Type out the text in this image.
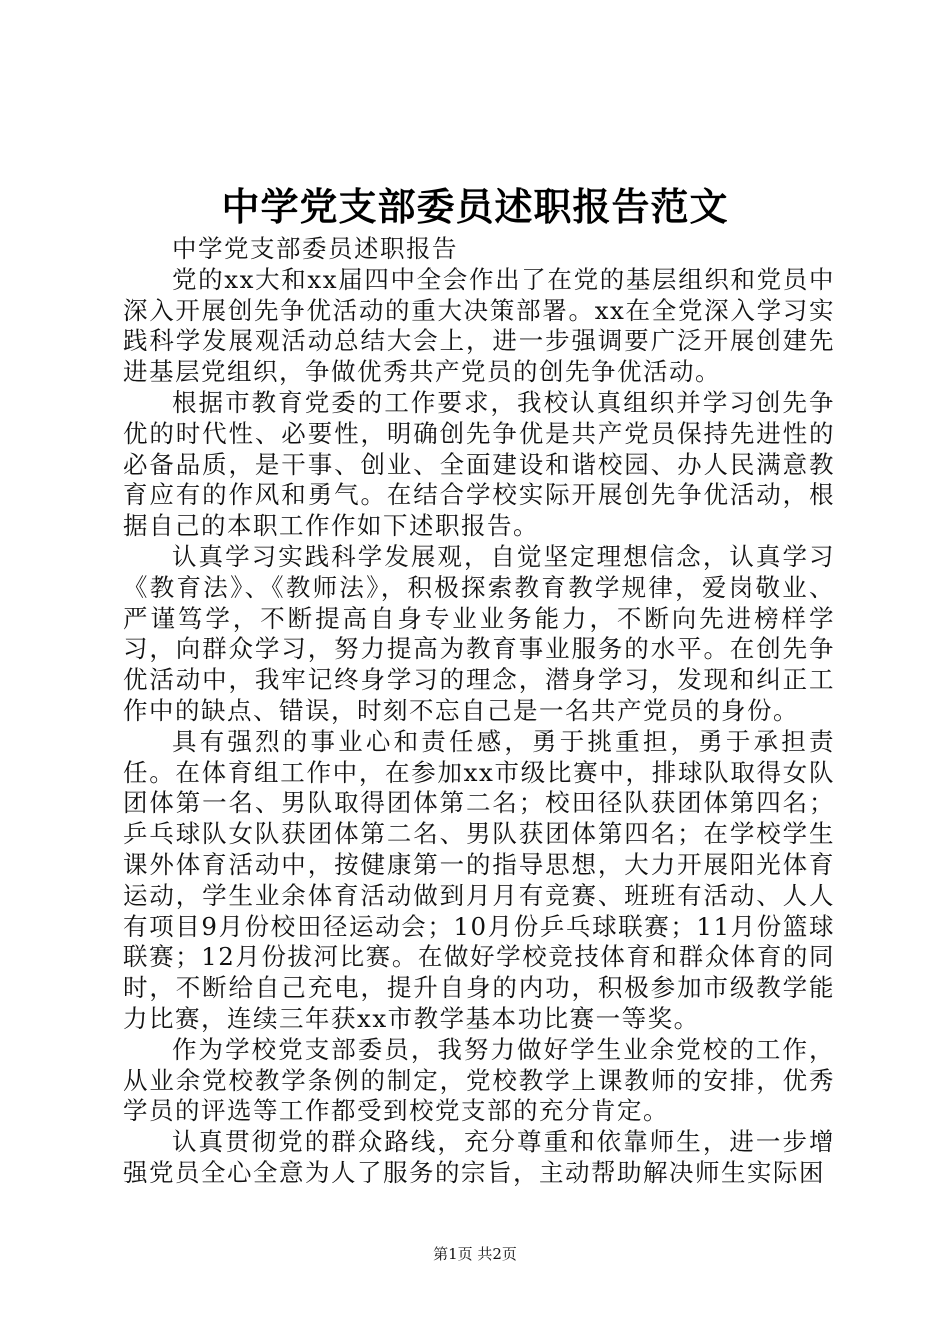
中学党支部委员述职报告范文

中学党支部委员述职报告

党的xx大和xx届四中全会作出了在党的基层组织和党员中深入开展创先争优活动的重大决策部署。xx在全党深入学习实践科学发展观活动总结大会上，进一步强调要广泛开展创建先进基层党组织，争做优秀共产党员的创先争优活动。

根据市教育党委的工作要求，我校认真组织并学习创先争优的时代性、必要性，明确创先争优是共产党员保持先进性的必备品质，是干事、创业、全面建设和谐校园、办人民满意教育应有的作风和勇气。在结合学校实际开展创先争优活动，根据自己的本职工作作如下述职报告。

认真学习实践科学发展观，自觉坚定理想信念，认真学习《教育法》、《教师法》，积极探索教育教学规律，爱岗敬业、严谨笃学，不断提高自身专业业务能力，不断向先进榜样学习，向群众学习，努力提高为教育事业服务的水平。在创先争优活动中，我牢记终身学习的理念，潜身学习，发现和纠正工作中的缺点、错误，时刻不忘自己是一名共产党员的身份。

具有强烈的事业心和责任感，勇于挑重担，勇于承担责任。在体育组工作中，在参加xx市级比赛中，排球队取得女队团体第一名、男队取得团体第二名；校田径队获团体第四名；乒乓球队女队获团体第二名、男队获团体第四名；在学校学生课外体育活动中，按健康第一的指导思想，大力开展阳光体育运动，学生业余体育活动做到月月有竞赛、班班有活动、人人有项目9月份校田径运动会；10月份乒乓球联赛；11月份篮球联赛；12月份拔河比赛。在做好学校竞技体育和群众体育的同时，不断给自己充电，提升自身的内功，积极参加市级教学能力比赛，连续三年获xx市教学基本功比赛一等奖。

作为学校党支部委员，我努力做好学生业余党校的工作，从业余党校教学条例的制定，党校教学上课教师的安排，优秀学员的评选等工作都受到校党支部的充分肯定。

认真贯彻党的群众路线，充分尊重和依靠师生，进一步增强党员全心全意为人了服务的宗旨，主动帮助解决师生实际困

第1页 共2页
